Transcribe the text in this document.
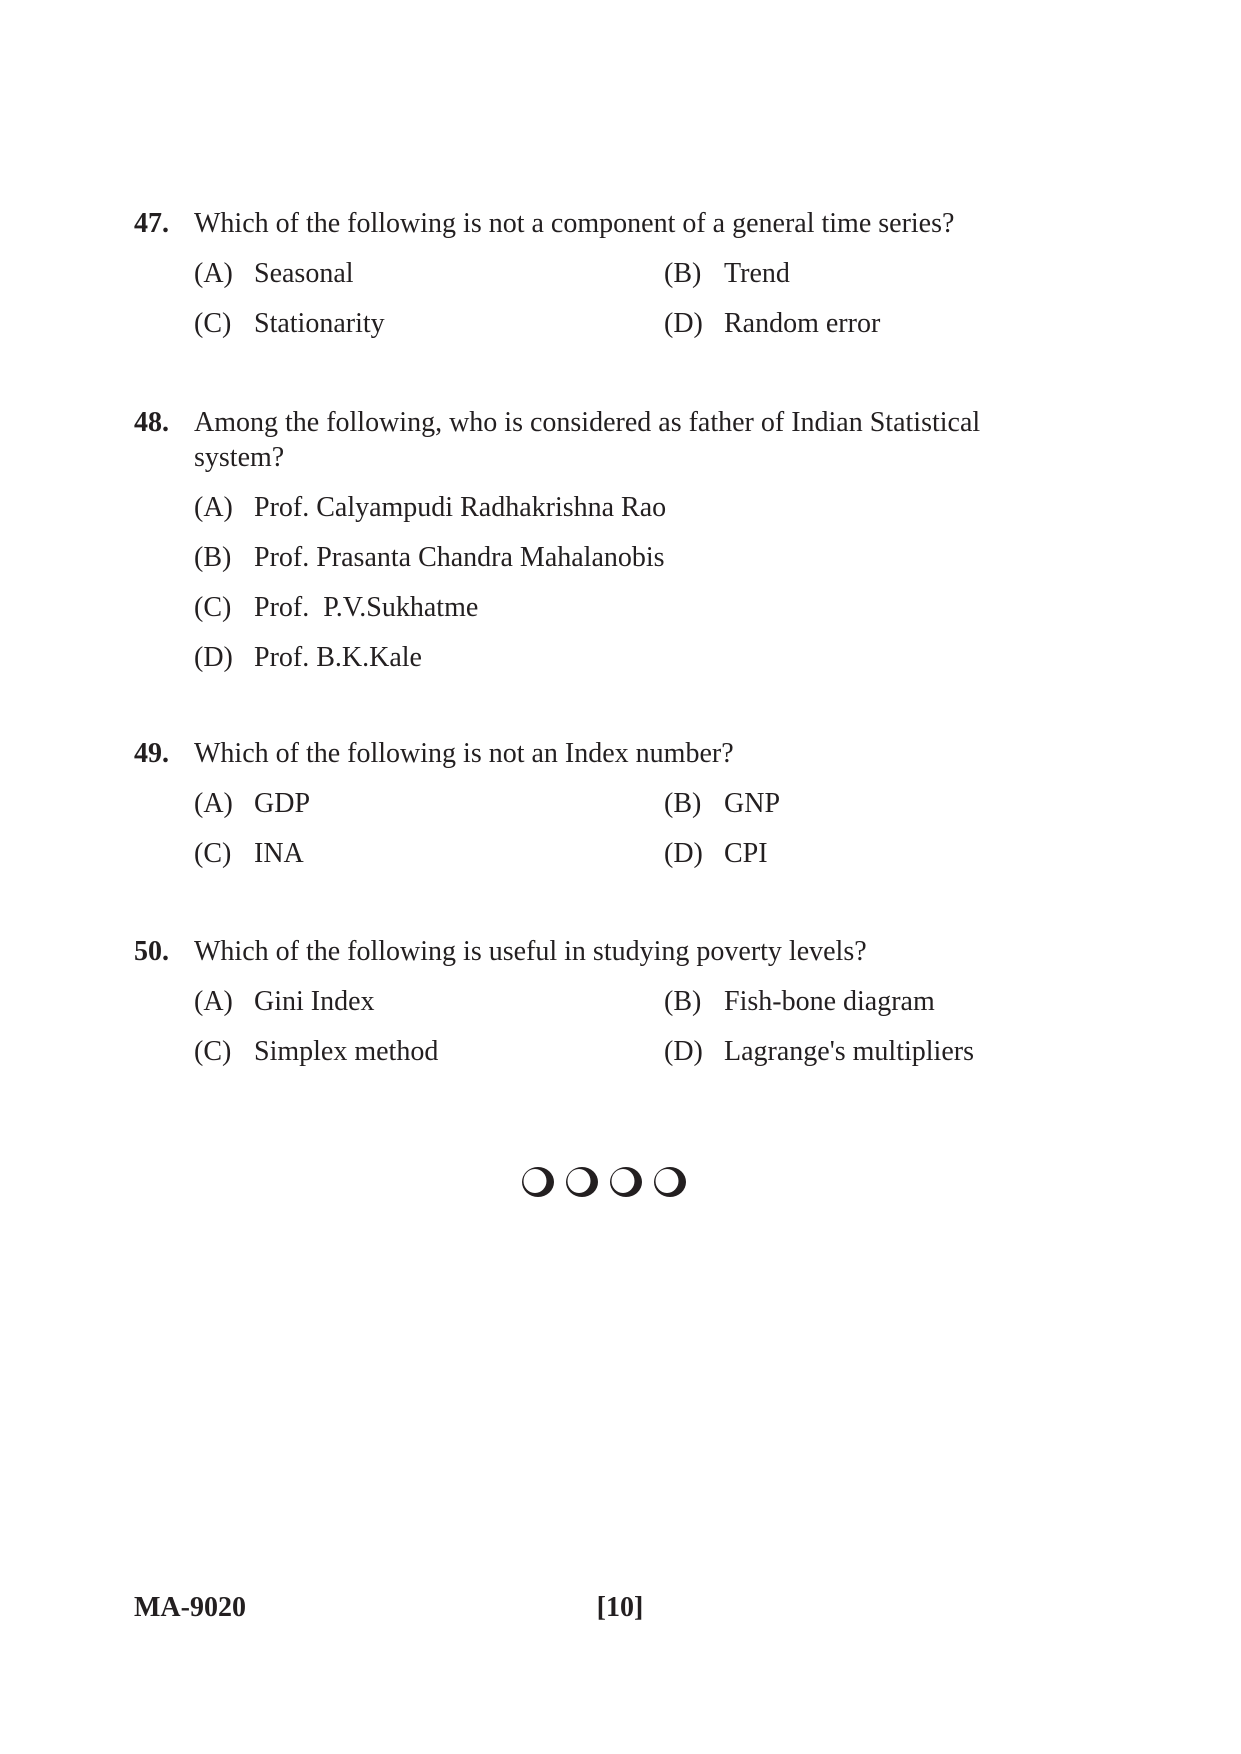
47. Which of the following is not a component of a general time series?
(A) Seasonal	(B) Trend
(C) Stationarity	(D) Random error
48. Among the following, who is considered as father of Indian Statistical system?
(A) Prof. Calyampudi Radhakrishna Rao
(B) Prof. Prasanta Chandra Mahalanobis
(C) Prof.  P.V.Sukhatme
(D) Prof. B.K.Kale
49. Which of the following is not an Index number?
(A) GDP	(B) GNP
(C) INA	(D) CPI
50. Which of the following is useful in studying poverty levels?
(A) Gini Index	(B) Fish-bone diagram
(C) Simplex method	(D) Lagrange's multipliers
MA-9020	[10]
